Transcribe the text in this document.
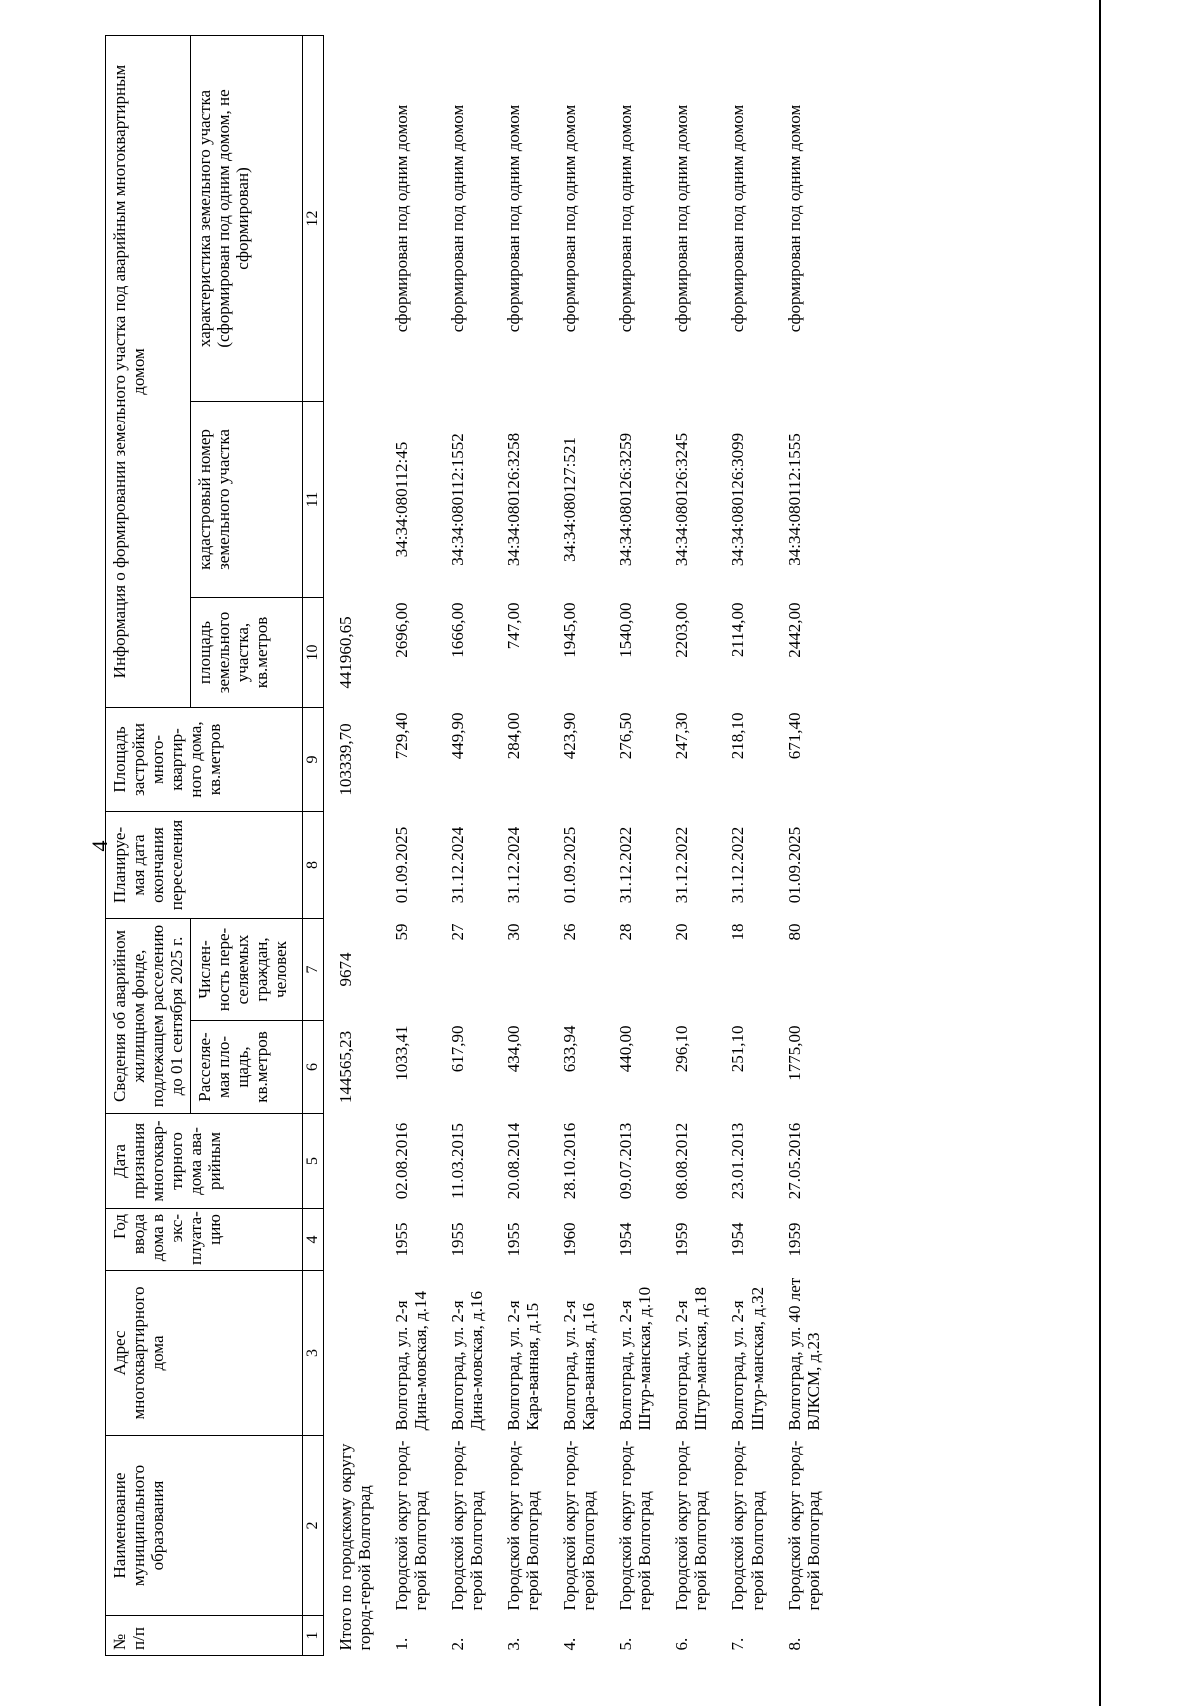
4
№ п/п	Наименование муниципального образования	Адрес многоквартирного дома	Год ввода дома в экс-плуата-цию	Дата признания многоквар-тирного дома ава-рийным	Сведения об аварийном жилищном фонде, подлежащем расселению до 01 сентября 2025 г.		Планируе-мая дата окончания переселения	Площадь застройки много-квартир-ного дома, кв.метров	Информация о формировании земельного участка под аварийным многоквартирным домом		
					Расселяе-мая пло-щадь, кв.метров	Числен-ность пере-селяемых граждан, человек			площадь земельного участка, кв.метров	кадастровый номер земельного участка	характеристика земельного участка (сформирован под одним домом, не сформирован)
1	2	3	4	5	6	7	8	9	10	11	12
Итого по городскому округу город-герой Волгоград					144565,23	9674		103339,70	441960,65		
1.	Городской округ город-герой Волгоград	Волгоград, ул. 2-я Дина-мовская, д.14	1955	02.08.2016	1033,41	59	01.09.2025	729,40	2696,00	34:34:080112:45	сформирован под одним домом
2.	Городской округ город-герой Волгоград	Волгоград, ул. 2-я Дина-мовская, д.16	1955	11.03.2015	617,90	27	31.12.2024	449,90	1666,00	34:34:080112:1552	сформирован под одним домом
3.	Городской округ город-герой Волгоград	Волгоград, ул. 2-я Кара-ванная, д.15	1955	20.08.2014	434,00	30	31.12.2024	284,00	747,00	34:34:080126:3258	сформирован под одним домом
4.	Городской округ город-герой Волгоград	Волгоград, ул. 2-я Кара-ванная, д.16	1960	28.10.2016	633,94	26	01.09.2025	423,90	1945,00	34:34:080127:521	сформирован под одним домом
5.	Городской округ город-герой Волгоград	Волгоград, ул. 2-я Штур-манская, д.10	1954	09.07.2013	440,00	28	31.12.2022	276,50	1540,00	34:34:080126:3259	сформирован под одним домом
6.	Городской округ город-герой Волгоград	Волгоград, ул. 2-я Штур-манская, д.18	1959	08.08.2012	296,10	20	31.12.2022	247,30	2203,00	34:34:080126:3245	сформирован под одним домом
7.	Городской округ город-герой Волгоград	Волгоград, ул. 2-я Штур-манская, д.32	1954	23.01.2013	251,10	18	31.12.2022	218,10	2114,00	34:34:080126:3099	сформирован под одним домом
8.	Городской округ город-герой Волгоград	Волгоград, ул. 40 лет ВЛКСМ, д.23	1959	27.05.2016	1775,00	80	01.09.2025	671,40	2442,00	34:34:080112:1555	сформирован под одним домом
